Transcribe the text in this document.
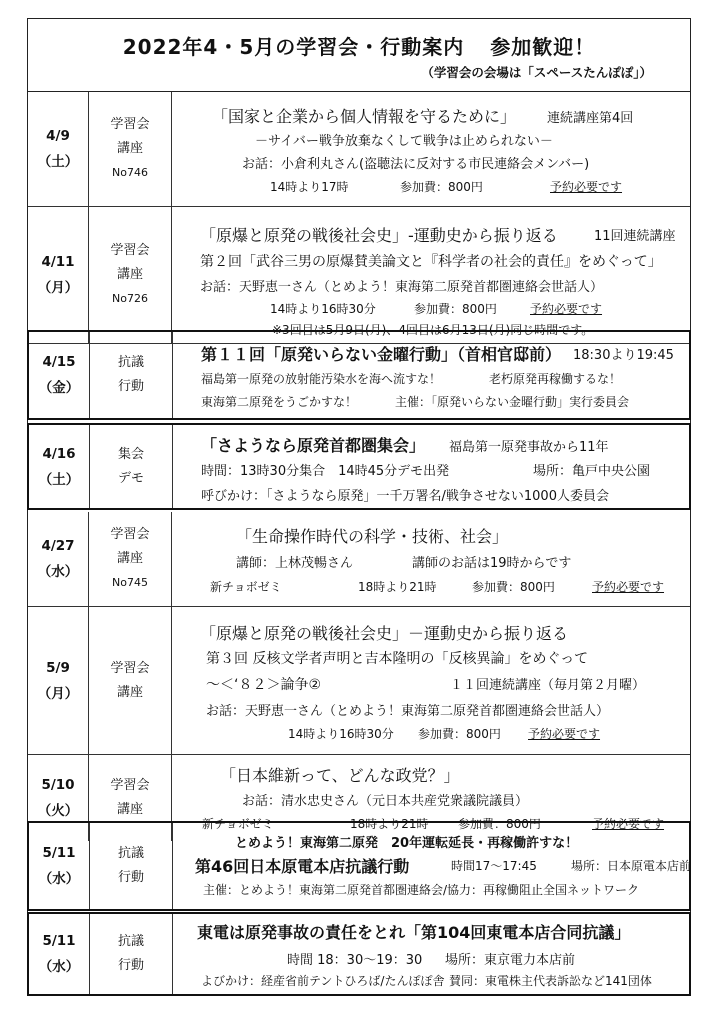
2022年4・5月の学習会・行動案内 参加歓迎！
（学習会の会場は「スペースたんぽぽ」）
4/9
（土）
学習会
講座
No746
「国家と企業から個人情報を守るために」 連続講座第4回
－サイバー戦争放棄なくして戦争は止められない－
お話：小倉利丸さん(盗聴法に反対する市民連絡会メンバー)
14時より17時	参加費：800円	予約必要です
4/11
（月）
学習会
講座
No726
「原爆と原発の戦後社会史」‐運動史から振り返る	11回連続講座
第２回「武谷三男の原爆賛美論文と『科学者の社会的責任』をめぐって」
お話：天野恵一さん（とめよう！東海第二原発首都圏連絡会世話人）
14時より16時30分	参加費：800円	予約必要です
※3回目は5月9日(月)、4回目は6月13日(月)同じ時間です。
4/15
（金）
抗議
行動
第１１回「原発いらない金曜行動」（首相官邸前） 18:30より19:45
福島第一原発の放射能汚染水を海へ流すな！	老朽原発再稼働するな！
東海第二原発をうごかすな！	主催：「原発いらない金曜行動」実行委員会
4/16
（土）
集会
デモ
「さようなら原発首都圏集会」 福島第一原発事故から11年
時間：13時30分集合　14時45分デモ出発	場所：亀戸中央公園
呼びかけ：「さようなら原発」一千万署名/戦争させない1000人委員会
4/27
（水）
学習会
講座
No745
「生命操作時代の科学・技術、社会」
講師：上林茂暢さん	講師のお話は19時からです
新チョボゼミ	18時より21時	参加費：800円	予約必要です
5/9
（月）
学習会
講座
「原爆と原発の戦後社会史」－運動史から振り返る
第３回 反核文学者声明と吉本隆明の「反核異論」をめぐって
～＜‘８２＞論争②	１１回連続講座（毎月第２月曜）
お話：天野恵一さん（とめよう！東海第二原発首都圏連絡会世話人）
14時より16時30分 参加費：800円 予約必要です
5/10
（火）
学習会
講座
「日本維新って、どんな政党？」
お話：清水忠史さん（元日本共産党衆議院議員）
新チョボゼミ	18時より21時 参加費：800円	予約必要です
5/11
（水）
抗議
行動
とめよう！東海第二原発　20年運転延長・再稼働許すな！
第46回日本原電本店抗議行動	時間17～17:45	場所：日本原電本店前
主催：とめよう！東海第二原発首都圏連絡会/協力：再稼働阻止全国ネットワーク
5/11
（水）
抗議
行動
東電は原発事故の責任をとれ「第104回東電本店合同抗議」
時間 18：30～19：30 場所：東京電力本店前
よびかけ：経産省前テントひろば/たんぽぽ舎 賛同：東電株主代表訴訟など141団体
